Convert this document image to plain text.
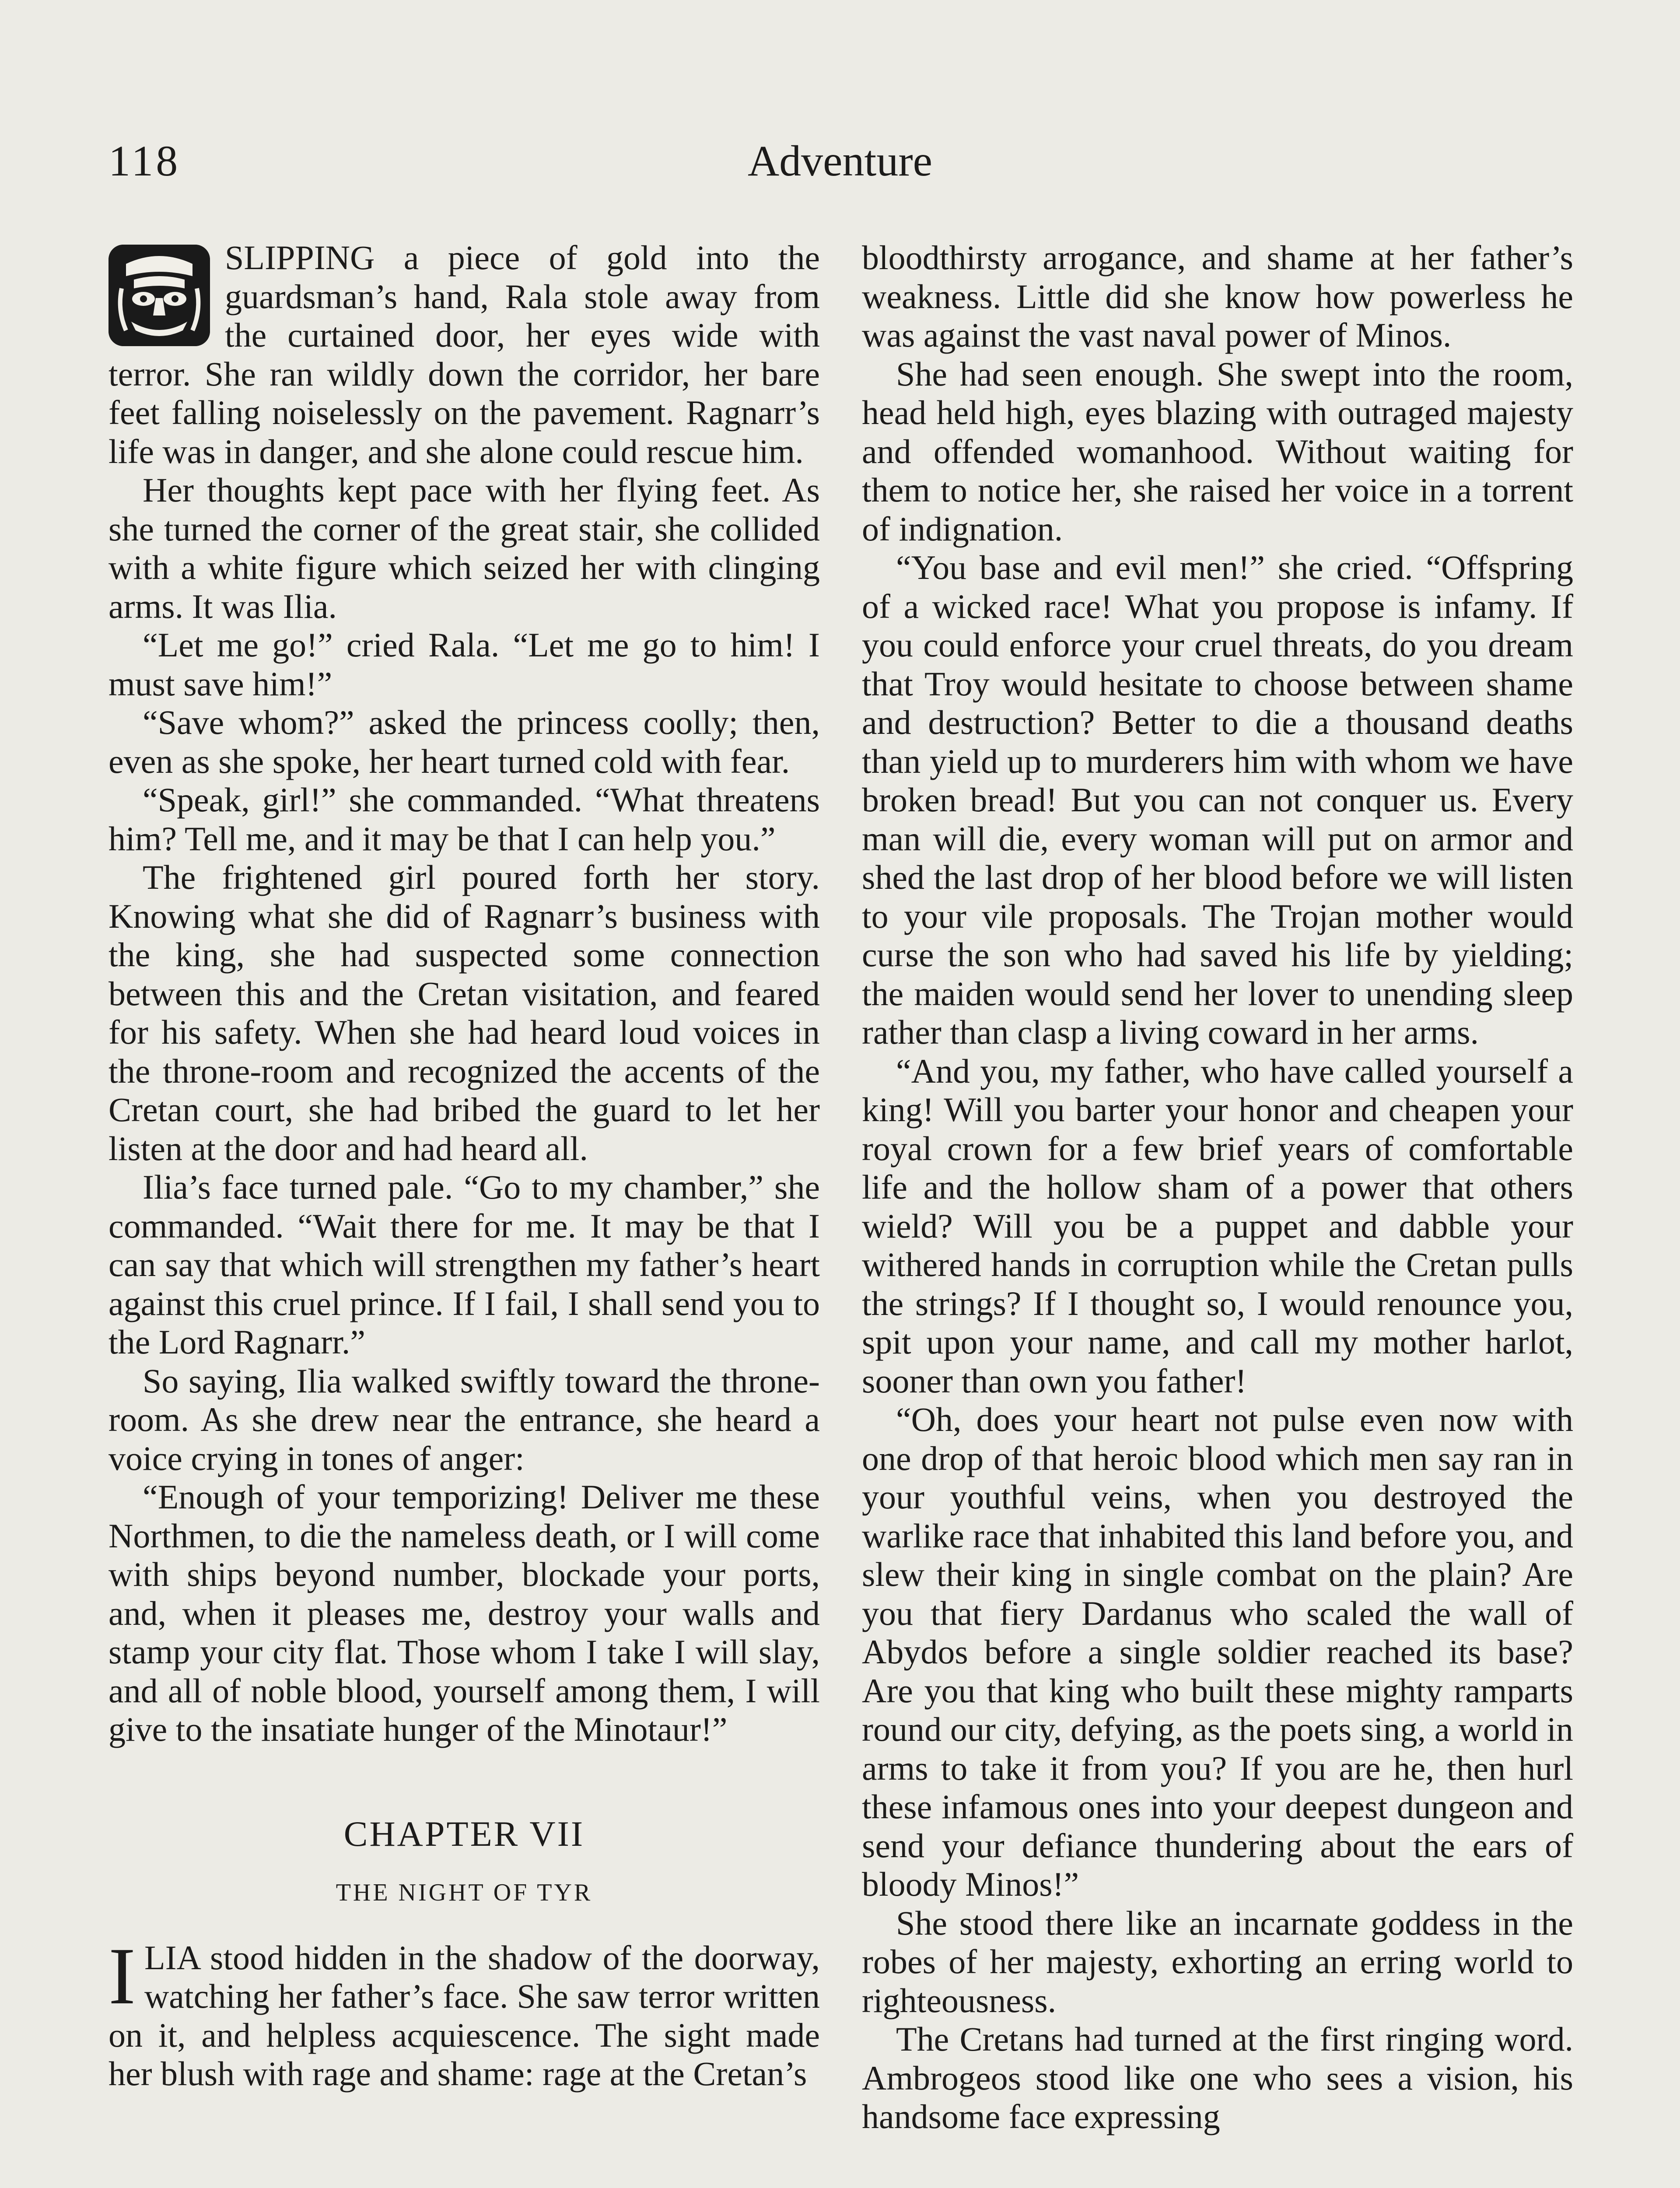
118	Adventure

SLIPPING a piece of gold into the guardsman’s hand, Rala stole away from the curtained door, her eyes wide with terror. She ran wildly down the corridor, her bare feet falling noiselessly on the pavement. Ragnarr’s life was in danger, and she alone could rescue him.

Her thoughts kept pace with her flying feet. As she turned the corner of the great stair, she collided with a white figure which seized her with clinging arms. It was Ilia.

“Let me go!” cried Rala. “Let me go to him! I must save him!”

“Save whom?” asked the princess coolly; then, even as she spoke, her heart turned cold with fear.

“Speak, girl!” she commanded. “What threatens him? Tell me, and it may be that I can help you.”

The frightened girl poured forth her story. Knowing what she did of Ragnarr’s business with the king, she had suspected some connection between this and the Cretan visitation, and feared for his safety. When she had heard loud voices in the throne-room and recognized the accents of the Cretan court, she had bribed the guard to let her listen at the door and had heard all.

Ilia’s face turned pale. “Go to my chamber,” she commanded. “Wait there for me. It may be that I can say that which will strengthen my father’s heart against this cruel prince. If I fail, I shall send you to the Lord Ragnarr.”

So saying, Ilia walked swiftly toward the throne-room. As she drew near the entrance, she heard a voice crying in tones of anger:

“Enough of your temporizing! Deliver me these Northmen, to die the nameless death, or I will come with ships beyond number, blockade your ports, and, when it pleases me, destroy your walls and stamp your city flat. Those whom I take I will slay, and all of noble blood, yourself among them, I will give to the insatiate hunger of the Minotaur!”

CHAPTER VII
THE NIGHT OF TYR

ILIA stood hidden in the shadow of the doorway, watching her father’s face. She saw terror written on it, and helpless acquiescence. The sight made her blush with rage and shame: rage at the Cretan’s

bloodthirsty arrogance, and shame at her father’s weakness. Little did she know how powerless he was against the vast naval power of Minos.

She had seen enough. She swept into the room, head held high, eyes blazing with outraged majesty and offended womanhood. Without waiting for them to notice her, she raised her voice in a torrent of indignation.

“You base and evil men!” she cried. “Offspring of a wicked race! What you propose is infamy. If you could enforce your cruel threats, do you dream that Troy would hesitate to choose between shame and destruction? Better to die a thousand deaths than yield up to murderers him with whom we have broken bread! But you can not conquer us. Every man will die, every woman will put on armor and shed the last drop of her blood before we will listen to your vile proposals. The Trojan mother would curse the son who had saved his life by yielding; the maiden would send her lover to unending sleep rather than clasp a living coward in her arms.

“And you, my father, who have called yourself a king! Will you barter your honor and cheapen your royal crown for a few brief years of comfortable life and the hollow sham of a power that others wield? Will you be a puppet and dabble your withered hands in corruption while the Cretan pulls the strings? If I thought so, I would renounce you, spit upon your name, and call my mother harlot, sooner than own you father!

“Oh, does your heart not pulse even now with one drop of that heroic blood which men say ran in your youthful veins, when you destroyed the warlike race that inhabited this land before you, and slew their king in single combat on the plain? Are you that fiery Dardanus who scaled the wall of Abydos before a single soldier reached its base? Are you that king who built these mighty ramparts round our city, defying, as the poets sing, a world in arms to take it from you? If you are he, then hurl these infamous ones into your deepest dungeon and send your defiance thundering about the ears of bloody Minos!”

She stood there like an incarnate goddess in the robes of her majesty, exhorting an erring world to righteousness.

The Cretans had turned at the first ringing word. Ambrogeos stood like one who sees a vision, his handsome face expressing
